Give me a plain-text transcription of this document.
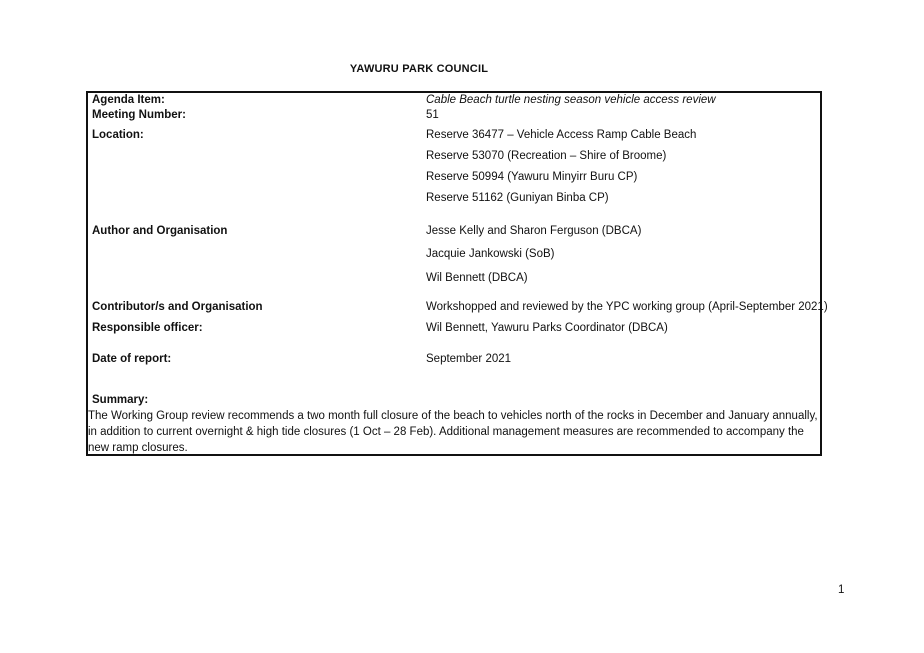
YAWURU PARK COUNCIL
Agenda Item:	Cable Beach turtle nesting season vehicle access review
Meeting Number:	51
Location:	Reserve 36477 – Vehicle Access Ramp Cable Beach
Reserve 53070 (Recreation – Shire of Broome)
Reserve 50994 (Yawuru Minyirr Buru CP)
Reserve 51162 (Guniyan Binba CP)
Author and Organisation	Jesse Kelly and Sharon Ferguson (DBCA)
Jacquie Jankowski (SoB)
Wil Bennett (DBCA)
Contributor/s and Organisation	Workshopped and reviewed by the YPC working group (April-September 2021)
Responsible officer:	Wil Bennett, Yawuru Parks Coordinator (DBCA)
Date of report:	September 2021
Summary:

The Working Group review recommends a two month full closure of the beach to vehicles north of the rocks in December and January annually, in addition to current overnight & high tide closures (1 Oct – 28 Feb). Additional management measures are recommended to accompany the new ramp closures.

1
